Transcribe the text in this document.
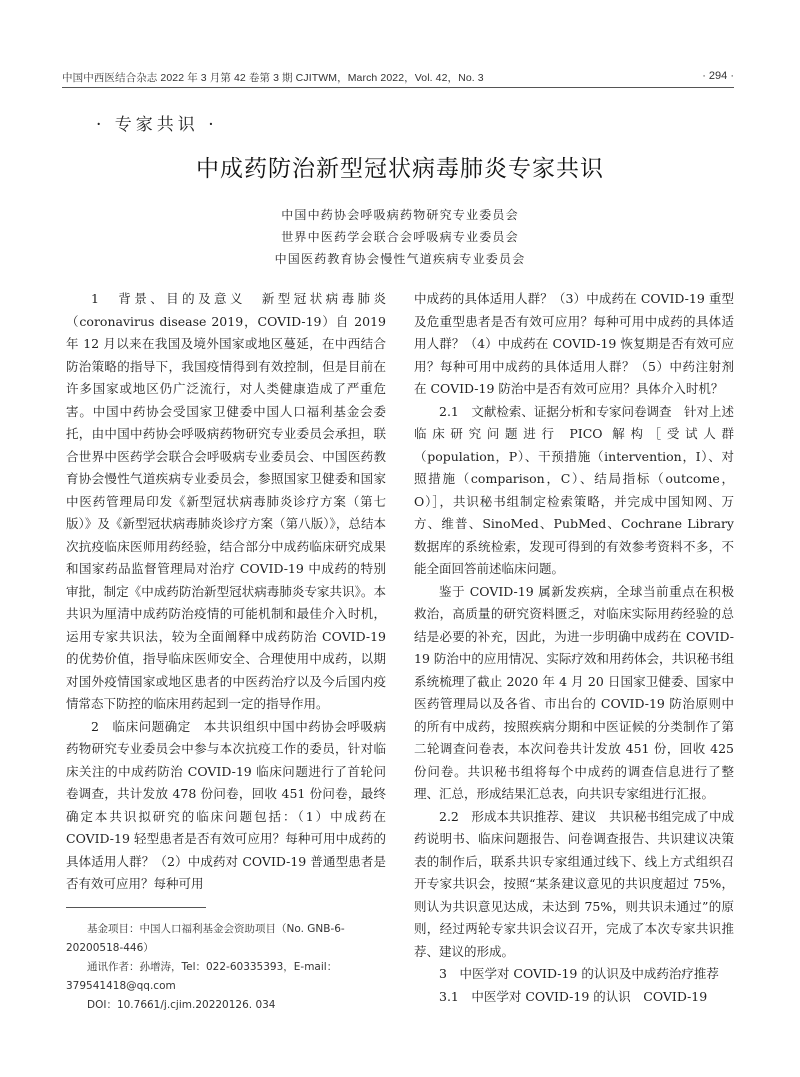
中国中西医结合杂志 2022 年 3 月第 42 卷第 3 期 CJITWM，March 2022，Vol. 42，No. 3	· 294 ·
· 专家共识 ·
中成药防治新型冠状病毒肺炎专家共识
中国中药协会呼吸病药物研究专业委员会
世界中医药学会联合会呼吸病专业委员会
中国医药教育协会慢性气道疾病专业委员会

1　背景、目的及意义　新型冠状病毒肺炎（coronavirus disease 2019，COVID-19）自 2019 年 12 月以来在我国及境外国家或地区蔓延，在中西结合防治策略的指导下，我国疫情得到有效控制，但是目前在许多国家或地区仍广泛流行，对人类健康造成了严重危害。中国中药协会受国家卫健委中国人口福利基金会委托，由中国中药协会呼吸病药物研究专业委员会承担，联合世界中医药学会联合会呼吸病专业委员会、中国医药教育协会慢性气道疾病专业委员会，参照国家卫健委和国家中医药管理局印发《新型冠状病毒肺炎诊疗方案（第七版）》及《新型冠状病毒肺炎诊疗方案（第八版）》，总结本次抗疫临床医师用药经验，结合部分中成药临床研究成果和国家药品监督管理局对治疗 COVID-19 中成药的特别审批，制定《中成药防治新型冠状病毒肺炎专家共识》。本共识为厘清中成药防治疫情的可能机制和最佳介入时机，运用专家共识法，较为全面阐释中成药防治 COVID-19 的优势价值，指导临床医师安全、合理使用中成药，以期对国外疫情国家或地区患者的中医药治疗以及今后国内疫情常态下防控的临床用药起到一定的指导作用。

2　临床问题确定　本共识组织中国中药协会呼吸病药物研究专业委员会中参与本次抗疫工作的委员，针对临床关注的中成药防治 COVID-19 临床问题进行了首轮问卷调查，共计发放 478 份问卷，回收 451 份问卷，最终确定本共识拟研究的临床问题包括：（1）中成药在 COVID-19 轻型患者是否有效可应用？每种可用中成药的具体适用人群？（2）中成药对 COVID-19 普通型患者是否有效可应用？每种可用

中成药的具体适用人群？（3）中成药在 COVID-19 重型及危重型患者是否有效可应用？每种可用中成药的具体适用人群？（4）中成药在 COVID-19 恢复期是否有效可应用？每种可用中成药的具体适用人群？（5）中药注射剂在 COVID-19 防治中是否有效可应用？具体介入时机？

2.1　文献检索、证据分析和专家问卷调查　针对上述临床研究问题进行 PICO 解构［受试人群（population，P）、干预措施（intervention，I）、对照措施（comparison，C）、结局指标（outcome，O）］，共识秘书组制定检索策略，并完成中国知网、万方、维普、SinoMed、PubMed、Cochrane Library 数据库的系统检索，发现可得到的有效参考资料不多，不能全面回答前述临床问题。

鉴于 COVID-19 属新发疾病，全球当前重点在积极救治，高质量的研究资料匮乏，对临床实际用药经验的总结是必要的补充，因此，为进一步明确中成药在 COVID-19 防治中的应用情况、实际疗效和用药体会，共识秘书组系统梳理了截止 2020 年 4 月 20 日国家卫健委、国家中医药管理局以及各省、市出台的 COVID-19 防治原则中的所有中成药，按照疾病分期和中医证候的分类制作了第二轮调查问卷表，本次问卷共计发放 451 份，回收 425 份问卷。共识秘书组将每个中成药的调查信息进行了整理、汇总，形成结果汇总表，向共识专家组进行汇报。

2.2　形成本共识推荐、建议　共识秘书组完成了中成药说明书、临床问题报告、问卷调查报告、共识建议决策表的制作后，联系共识专家组通过线下、线上方式组织召开专家共识会，按照“某条建议意见的共识度超过 75%，则认为共识意见达成，未达到 75%，则共识未通过”的原则，经过两轮专家共识会议召开，完成了本次专家共识推荐、建议的形成。

3　中医学对 COVID-19 的认识及中成药治疗推荐

3.1　中医学对 COVID-19 的认识　COVID-19

基金项目：中国人口福利基金会资助项目（No. GNB-6-20200518-446）
通讯作者：孙增涛，Tel：022-60335393，E-mail：379541418@qq.com
DOI：10.7661/j.cjim.20220126. 034
